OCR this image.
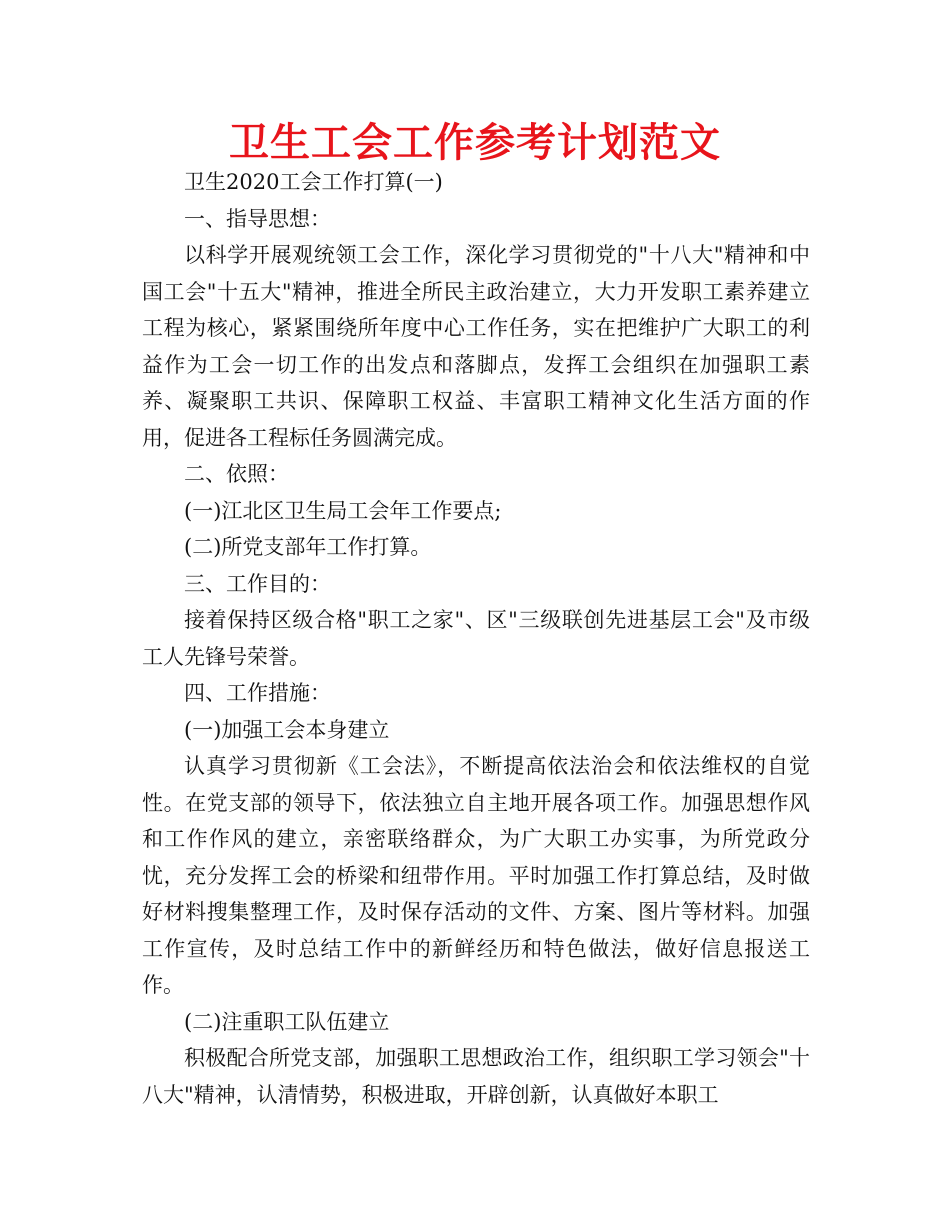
卫生工会工作参考计划范文

卫生2020工会工作打算(一)

一、指导思想：

以科学开展观统领工会工作，深化学习贯彻党的"十八大"精神和中国工会"十五大"精神，推进全所民主政治建立，大力开发职工素养建立工程为核心，紧紧围绕所年度中心工作任务，实在把维护广大职工的利益作为工会一切工作的出发点和落脚点，发挥工会组织在加强职工素养、凝聚职工共识、保障职工权益、丰富职工精神文化生活方面的作用，促进各工程标任务圆满完成。

二、依照：

(一)江北区卫生局工会年工作要点;

(二)所党支部年工作打算。

三、工作目的：

接着保持区级合格"职工之家"、区"三级联创先进基层工会"及市级工人先锋号荣誉。

四、工作措施：

(一)加强工会本身建立

认真学习贯彻新《工会法》，不断提高依法治会和依法维权的自觉性。在党支部的领导下，依法独立自主地开展各项工作。加强思想作风和工作作风的建立，亲密联络群众，为广大职工办实事，为所党政分忧，充分发挥工会的桥梁和纽带作用。平时加强工作打算总结，及时做好材料搜集整理工作，及时保存活动的文件、方案、图片等材料。加强工作宣传，及时总结工作中的新鲜经历和特色做法，做好信息报送工作。

(二)注重职工队伍建立

积极配合所党支部，加强职工思想政治工作，组织职工学习领会"十八大"精神，认清情势，积极进取，开辟创新，认真做好本职工
